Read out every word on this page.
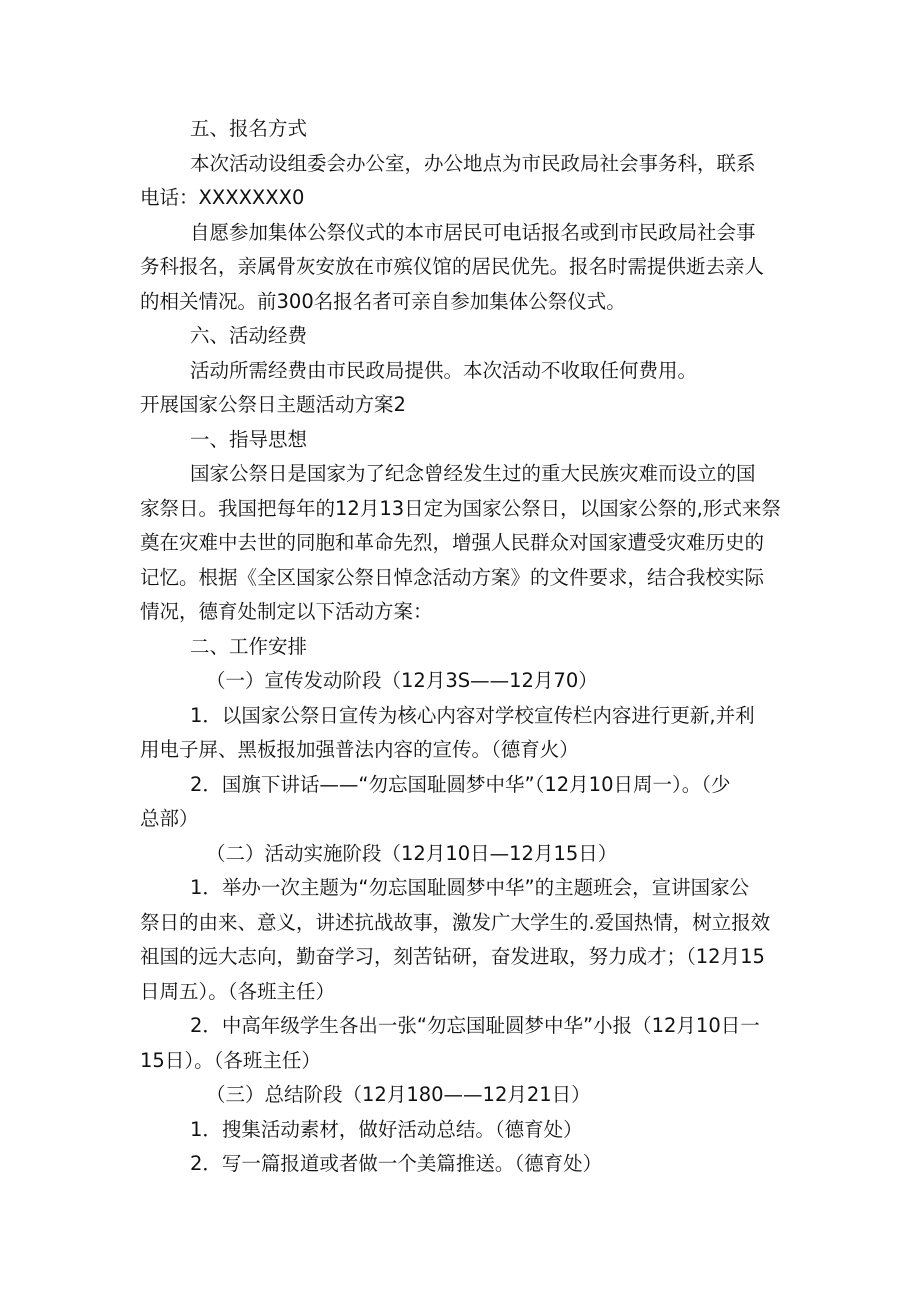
五、报名方式
本次活动设组委会办公室，办公地点为市民政局社会事务科，联系
电话：XXXXXXX0
自愿参加集体公祭仪式的本市居民可电话报名或到市民政局社会事
务科报名，亲属骨灰安放在市殡仪馆的居民优先。报名时需提供逝去亲人
的相关情况。前300名报名者可亲自参加集体公祭仪式。
六、活动经费
活动所需经费由市民政局提供。本次活动不收取任何费用。
开展国家公祭日主题活动方案2
一、指导思想
国家公祭日是国家为了纪念曾经发生过的重大民族灾难而设立的国
家祭日。我国把每年的12月13日定为国家公祭日，以国家公祭的,形式来祭
奠在灾难中去世的同胞和革命先烈，增强人民群众对国家遭受灾难历史的
记忆。根据《全区国家公祭日悼念活动方案》的文件要求，结合我校实际
情况，德育处制定以下活动方案：
二、工作安排
（一）宣传发动阶段（12月3S——12月70）
1．以国家公祭日宣传为核心内容对学校宣传栏内容进行更新,并利
用电子屏、黑板报加强普法内容的宣传。（德育火）
2．国旗下讲话——“勿忘国耻圆梦中华”（12月10日周一）。（少
总部）
（二）活动实施阶段（12月10日—12月15日）
1．举办一次主题为“勿忘国耻圆梦中华”的主题班会，宣讲国家公
祭日的由来、意义，讲述抗战故事，激发广大学生的.爱国热情，树立报效
祖国的远大志向，勤奋学习，刻苦钻研，奋发进取，努力成才；（12月15
日周五）。（各班主任）
2．中高年级学生各出一张“勿忘国耻圆梦中华”小报（12月10日一
15日）。（各班主任）
（三）总结阶段（12月180——12月21日）
1．搜集活动素材，做好活动总结。（德育处）
2．写一篇报道或者做一个美篇推送。（德育处）
